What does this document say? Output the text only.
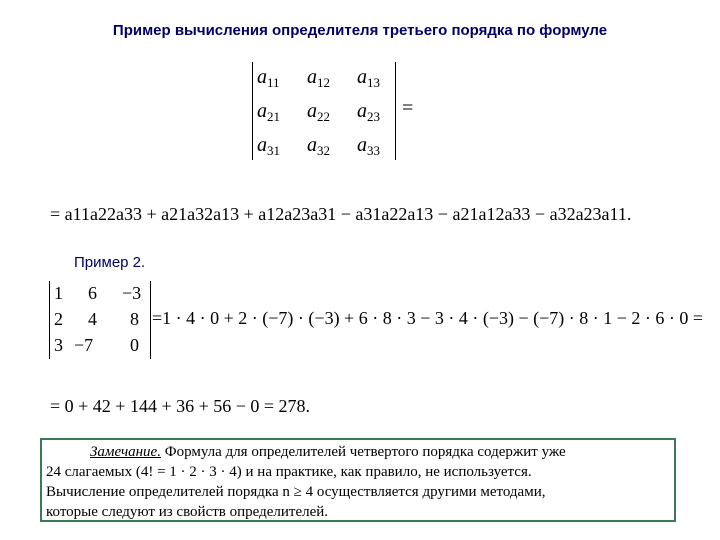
Пример вычисления определителя третьего порядка по формуле
$a_{11}$ $a_{12}$ $a_{13}$
$a_{21}$ $a_{22}$ $a_{23}$
$a_{31}$ $a_{32}$ $a_{33}$
=
= a11a22a33 + a21a32a13 + a12a23a31 − a31a22a13 − a21a12a33 − a32a23a11.
Пример 2.
1 6 −3
2 4 8
3 −7 0
=1 · 4 · 0 + 2 · (−7) · (−3) + 6 · 8 · 3 − 3 · 4 · (−3) − (−7) · 8 · 1 − 2 · 6 · 0 =
= 0 + 42 + 144 + 36 + 56 − 0 = 278.
Замечание. Формула для определителей четвертого порядка содержит уже
24 слагаемых (4! = 1 · 2 · 3 · 4) и на практике, как правило, не используется.
Вычисление определителей порядка n ≥ 4 осуществляется другими методами,
которые следуют из свойств определителей.
